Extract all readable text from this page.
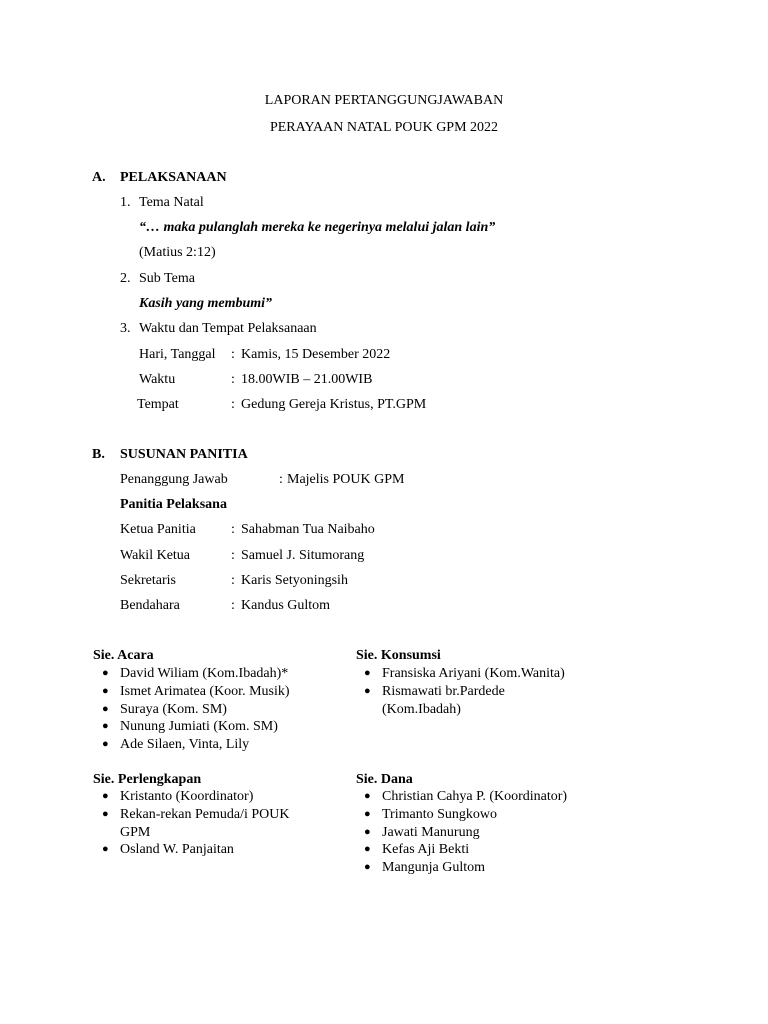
LAPORAN PERTANGGUNGJAWABAN
PERAYAAN NATAL POUK GPM 2022
A. PELAKSANAAN
1. Tema Natal
“… maka pulanglah mereka ke negerinya melalui jalan lain”
(Matius 2:12)
2. Sub Tema
Kasih yang membumi”
3. Waktu dan Tempat Pelaksanaan
Hari, Tanggal : Kamis, 15 Desember 2022
Waktu	: 18.00WIB – 21.00WIB
Tempat	: Gedung Gereja Kristus, PT.GPM
B. SUSUNAN PANITIA
Penanggung Jawab	: Majelis POUK GPM
Panitia Pelaksana
Ketua Panitia	: Sahabman Tua Naibaho
Wakil Ketua	: Samuel J. Situmorang
Sekretaris	: Karis Setyoningsih
Bendahara	: Kandus Gultom
Sie. Acara
● David Wiliam (Kom.Ibadah)*
● Ismet Arimatea (Koor. Musik)
● Suraya (Kom. SM)
● Nunung Jumiati (Kom. SM)
● Ade Silaen, Vinta, Lily
Sie. Konsumsi
● Fransiska Ariyani (Kom.Wanita)
● Rismawati br.Pardede
(Kom.Ibadah)
Sie. Perlengkapan
● Kristanto (Koordinator)
● Rekan-rekan Pemuda/i POUK
GPM
● Osland W. Panjaitan
Sie. Dana
● Christian Cahya P. (Koordinator)
● Trimanto Sungkowo
● Jawati Manurung
● Kefas Aji Bekti
● Mangunja Gultom
